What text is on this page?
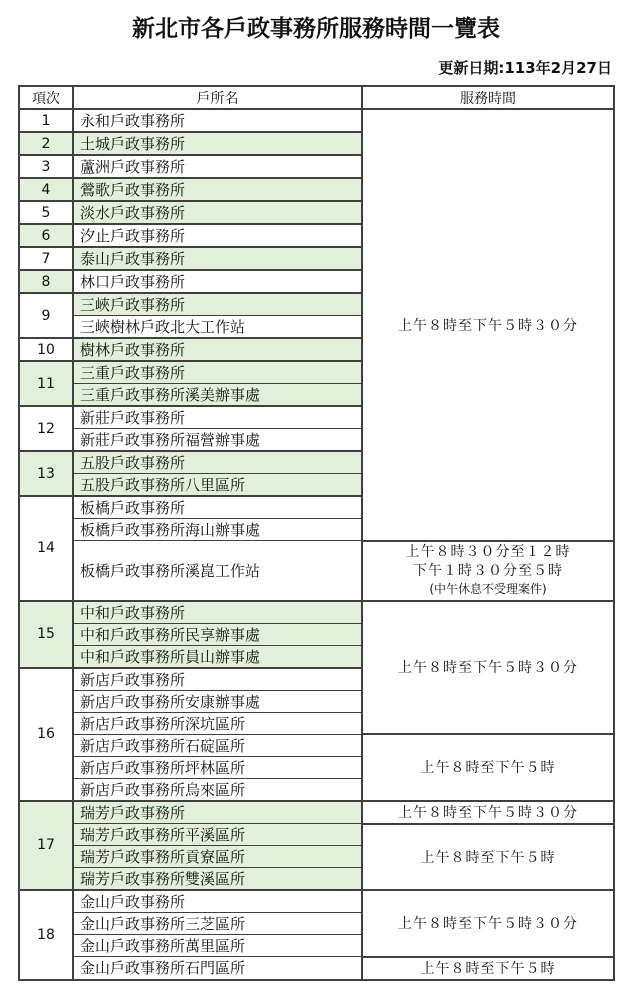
新北市各戶政事務所服務時間一覽表
更新日期:113年2月27日
項次	戶所名	服務時間
1	永和戶政事務所	上午８時至下午５時３０分
2	土城戶政事務所	
3	蘆洲戶政事務所	
4	鶯歌戶政事務所	
5	淡水戶政事務所	
6	汐止戶政事務所	
7	泰山戶政事務所	
8	林口戶政事務所	
9	三峽戶政事務所	
	三峽樹林戶政北大工作站	
10	樹林戶政事務所	
11	三重戶政事務所	
	三重戶政事務所溪美辦事處	
12	新莊戶政事務所	
	新莊戶政事務所福營辦事處	
13	五股戶政事務所	
	五股戶政事務所八里區所	
14	板橋戶政事務所	
	板橋戶政事務所海山辦事處	
	板橋戶政事務所溪崑工作站	上午８時３０分至１２時
下午１時３０分至５時
(中午休息不受理案件)

15	中和戶政事務所	上午８時至下午５時３０分
	中和戶政事務所民享辦事處	
	中和戶政事務所員山辦事處	
16	新店戶政事務所	
	新店戶政事務所安康辦事處	
	新店戶政事務所深坑區所	
	新店戶政事務所石碇區所	上午８時至下午５時
	新店戶政事務所坪林區所	
	新店戶政事務所烏來區所	
17	瑞芳戶政事務所	上午８時至下午５時３０分
	瑞芳戶政事務所平溪區所	上午８時至下午５時
	瑞芳戶政事務所貢寮區所	
	瑞芳戶政事務所雙溪區所	
18	金山戶政事務所	上午８時至下午５時３０分
	金山戶政事務所三芝區所	
	金山戶政事務所萬里區所	
	金山戶政事務所石門區所	上午８時至下午５時
